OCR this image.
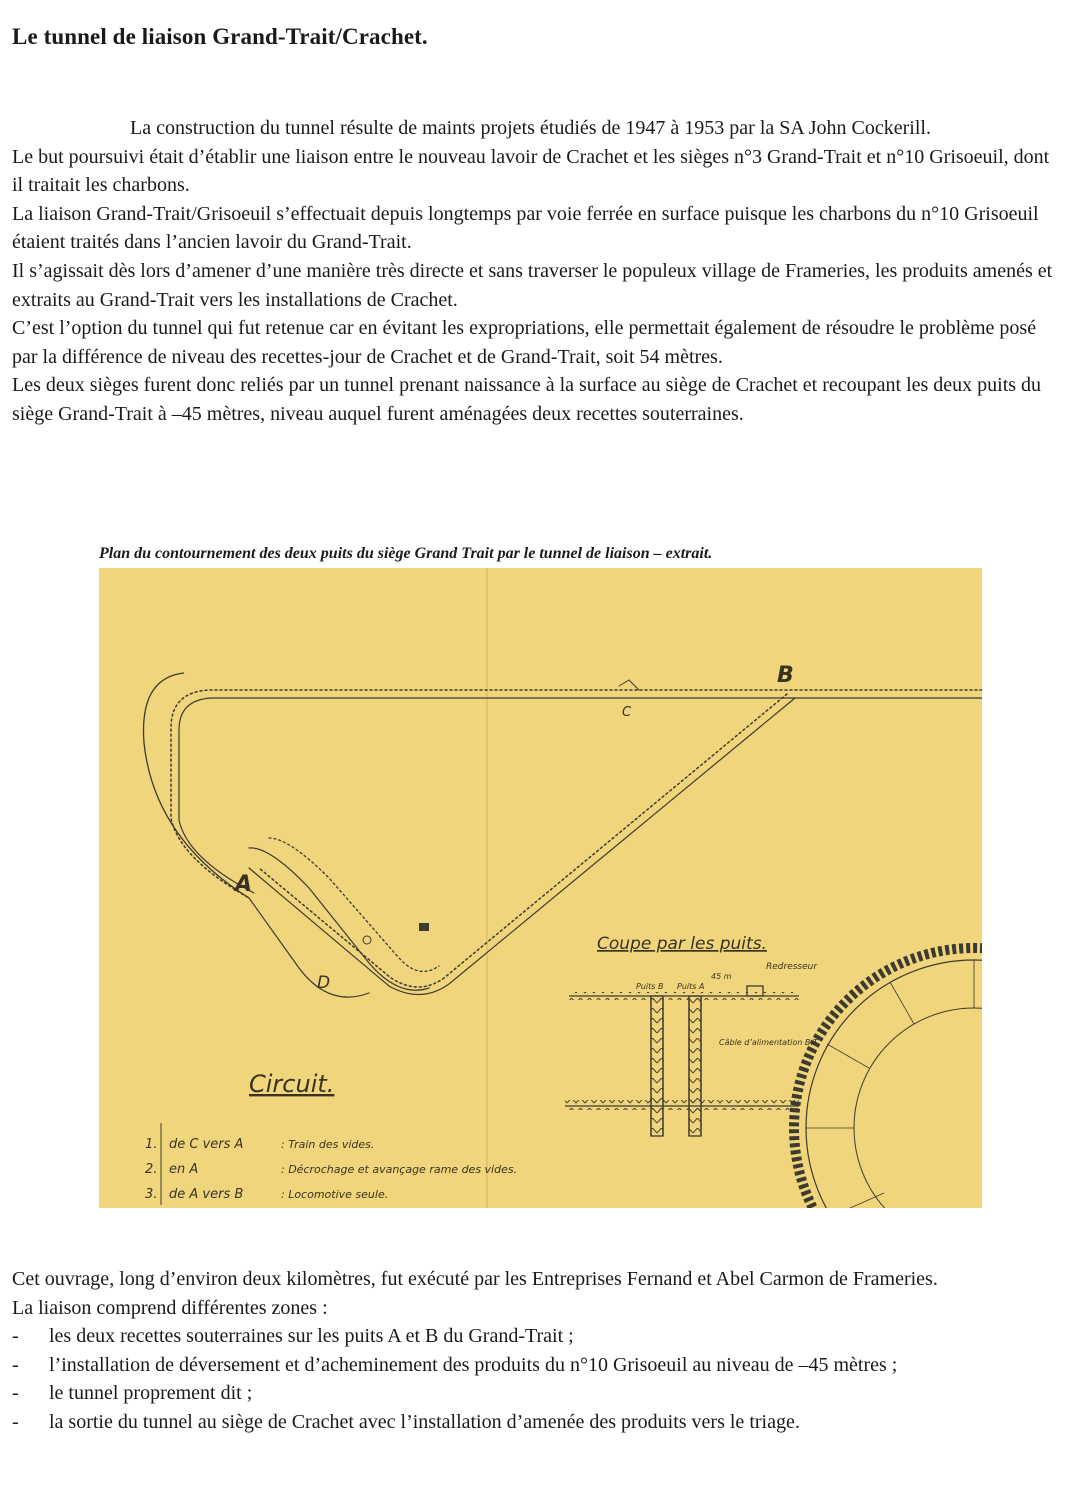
Le tunnel de liaison Grand-Trait/Crachet.

La construction du tunnel résulte de maints projets étudiés de 1947 à 1953 par la SA John Cockerill.

Le but poursuivi était d’établir une liaison entre le nouveau lavoir de Crachet et les sièges n°3 Grand-Trait et n°10 Grisoeuil, dont il traitait les charbons.

La liaison Grand-Trait/Grisoeuil s’effectuait depuis longtemps par voie ferrée en surface puisque les charbons du n°10 Grisoeuil étaient traités dans l’ancien lavoir du Grand-Trait.

Il s’agissait dès lors d’amener d’une manière très directe et sans traverser le populeux village de Frameries, les produits amenés et extraits au Grand-Trait vers les installations de Crachet.

C’est l’option du tunnel qui fut retenue car en évitant les expropriations, elle permettait également de résoudre le problème posé par la différence de niveau des recettes-jour de Crachet et de Grand-Trait, soit 54 mètres.

Les deux sièges furent donc reliés par un tunnel prenant naissance à la surface au siège de Crachet et recoupant les deux puits du siège Grand-Trait à –45 mètres, niveau auquel furent aménagées deux recettes souterraines.

Plan du contournement des deux puits du siège Grand Trait par le tunnel de liaison – extrait.
B
C
A
D
Coupe par les puits.
Puits B Puits A
45 m
Redresseur
Câble d’alimentation B.T.
Circuit.
1. de C vers A	: Train des vides.
2. en A	: Décrochage et avançage rame des vides.
3. de A vers B	: Locomotive seule.

Cet ouvrage, long d’environ deux kilomètres, fut exécuté par les Entreprises Fernand et Abel Carmon de Frameries.

La liaison comprend différentes zones :

- les deux recettes souterraines sur les puits A et B du Grand-Trait ;
- l’installation de déversement et d’acheminement des produits du n°10 Grisoeuil au niveau de –45 mètres ;
- le tunnel proprement dit ;
- la sortie du tunnel au siège de Crachet avec l’installation d’amenée des produits vers le triage.
